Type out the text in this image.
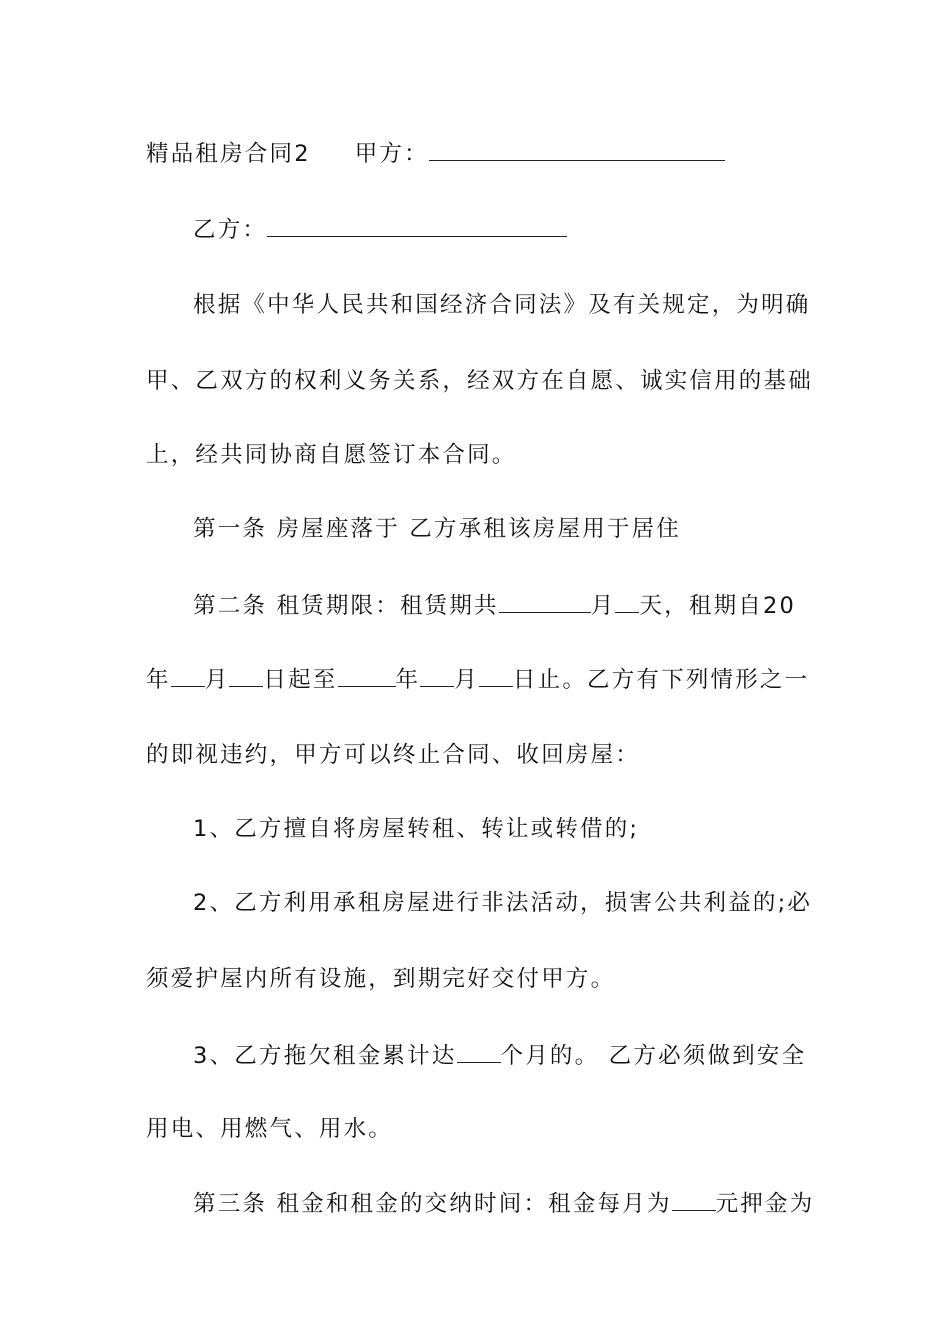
精品租房合同2 甲方：
乙方：
根据《中华人民共和国经济合同法》及有关规定，为明确
甲、乙双方的权利义务关系，经双方在自愿、诚实信用的基础
上，经共同协商自愿签订本合同。
第一条 房屋座落于 乙方承租该房屋用于居住
第二条 租赁期限：租赁期共	月 天，租期自20
年 月 日起至	年 月 日止。乙方有下列情形之一
的即视违约，甲方可以终止合同、收回房屋：
1、乙方擅自将房屋转租、转让或转借的;
2、乙方利用承租房屋进行非法活动，损害公共利益的;必
须爱护屋内所有设施，到期完好交付甲方。
3、乙方拖欠租金累计达 个月的。 乙方必须做到安全
用电、用燃气、用水。
第三条 租金和租金的交纳时间：租金每月为 元押金为
